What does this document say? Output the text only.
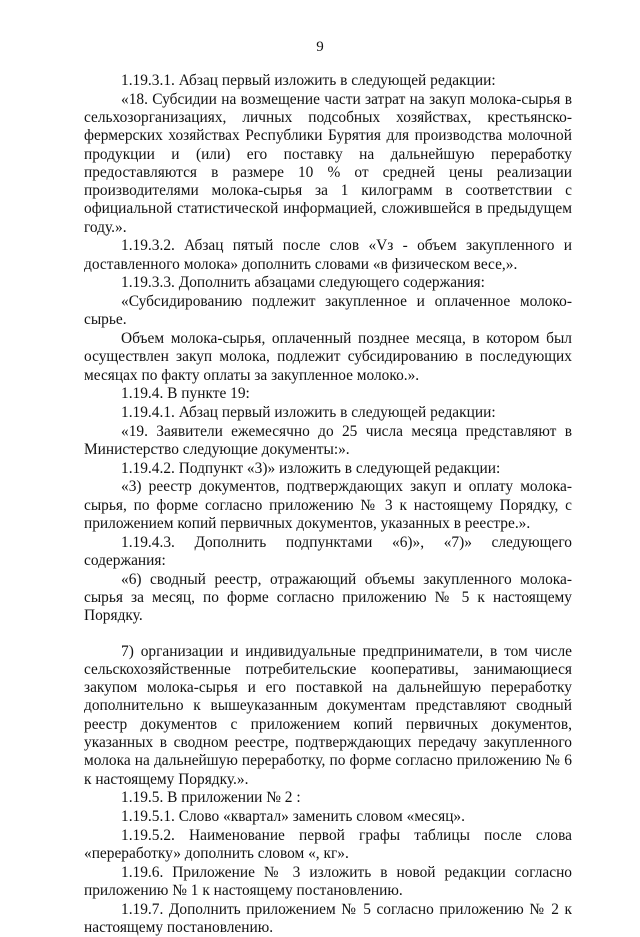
9

1.19.3.1. Абзац первый изложить в следующей редакции:

«18. Субсидии на возмещение части затрат на закуп молока-сырья в сельхозорганизациях, личных подсобных хозяйствах, крестьянско-фермерских хозяйствах Республики Бурятия для производства молочной продукции и (или) его поставку на дальнейшую переработку предоставляются в размере 10 % от средней цены реализации производителями молока-сырья за 1 килограмм в соответствии с официальной статистической информацией, сложившейся в предыдущем году.».

1.19.3.2. Абзац пятый после слов «Vз - объем закупленного и доставленного молока» дополнить словами «в физическом весе,».

1.19.3.3. Дополнить абзацами следующего содержания:

«Субсидированию подлежит закупленное и оплаченное молоко-сырье.

Объем молока-сырья, оплаченный позднее месяца, в котором был осуществлен закуп молока, подлежит субсидированию в последующих месяцах по факту оплаты за закупленное молоко.».

1.19.4. В пункте 19:

1.19.4.1. Абзац первый изложить в следующей редакции:

«19. Заявители ежемесячно до 25 числа месяца представляют в Министерство следующие документы:».

1.19.4.2. Подпункт «3)» изложить в следующей редакции:

«3) реестр документов, подтверждающих закуп и оплату молока-сырья, по форме согласно приложению № 3 к настоящему Порядку, с приложением копий первичных документов, указанных в реестре.».

1.19.4.3. Дополнить подпунктами «6)», «7)» следующего содержания:

«6) сводный реестр, отражающий объемы закупленного молока-сырья за месяц, по форме согласно приложению № 5 к настоящему Порядку.

7) организации и индивидуальные предприниматели, в том числе сельскохозяйственные потребительские кооперативы, занимающиеся закупом молока-сырья и его поставкой на дальнейшую переработку дополнительно к вышеуказанным документам представляют сводный реестр документов с приложением копий первичных документов, указанных в сводном реестре, подтверждающих передачу закупленного молока на дальнейшую переработку, по форме согласно приложению № 6 к настоящему Порядку.».

1.19.5. В приложении № 2 :

1.19.5.1. Слово «квартал» заменить словом «месяц».

1.19.5.2. Наименование первой графы таблицы после слова «переработку» дополнить словом «, кг».

1.19.6. Приложение № 3 изложить в новой редакции согласно приложению № 1 к настоящему постановлению.

1.19.7. Дополнить приложением № 5 согласно приложению № 2 к настоящему постановлению.
